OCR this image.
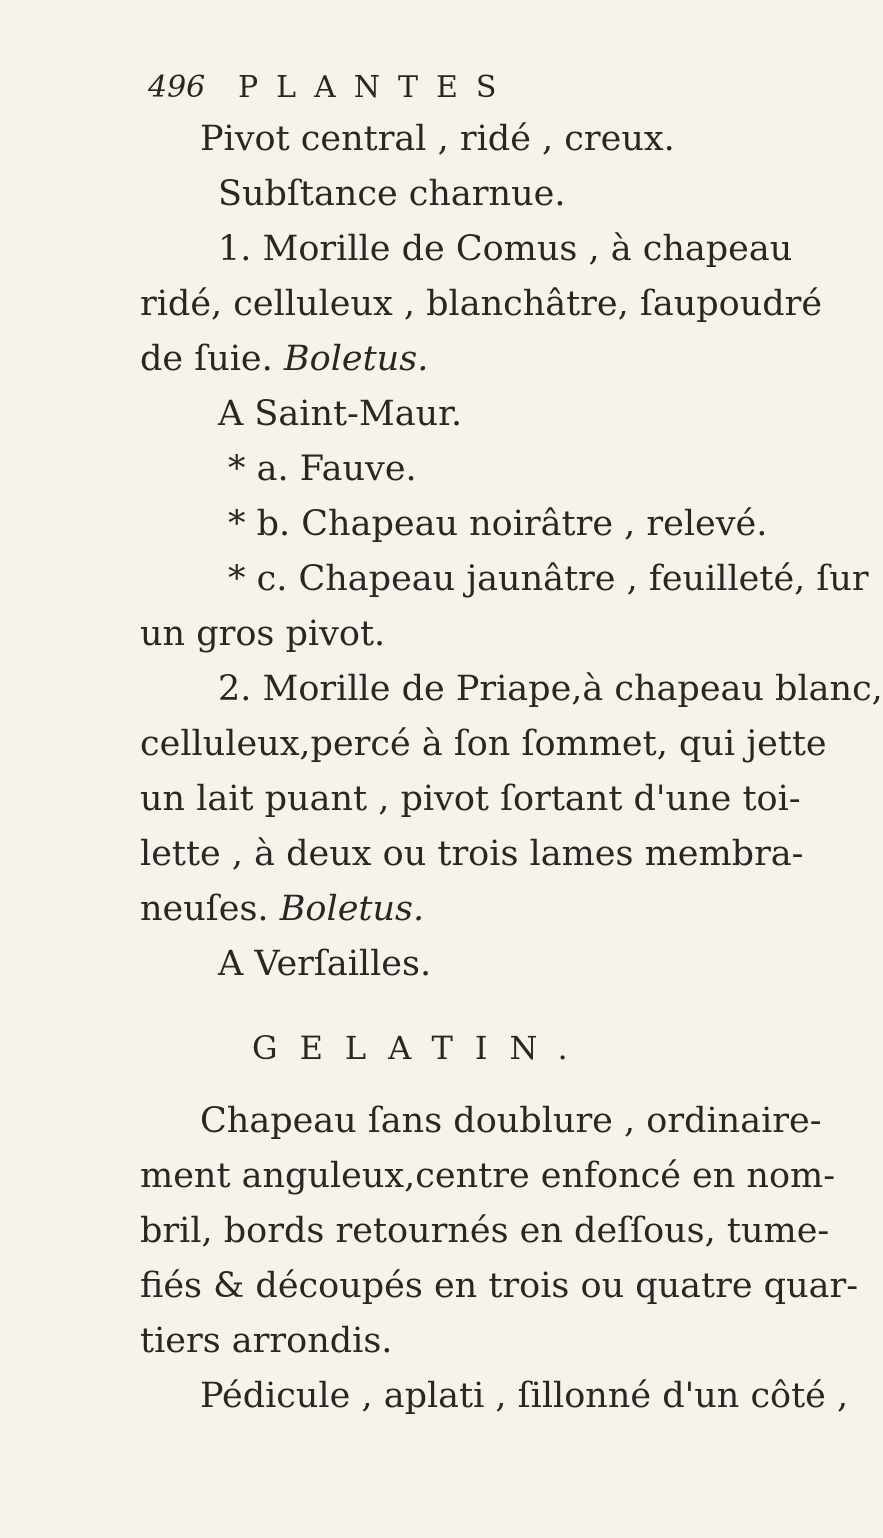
496	PLANTES
Pivot central , ridé , creux.
Subſtance charnue.
1. Morille de Comus , à chapeau
ridé, celluleux , blanchâtre, ſaupoudré
de ſuie. Boletus.
A Saint-Maur.
* a. Fauve.
* b. Chapeau noirâtre , relevé.
* c. Chapeau jaunâtre , feuilleté, ſur
un gros pivot.
2. Morille de Priape,à chapeau blanc,
celluleux,percé à ſon ſommet, qui jette
un lait puant , pivot ſortant d'une toi-
lette , à deux ou trois lames membra-
neuſes. Boletus.
A Verſailles.
GELATIN.
Chapeau ſans doublure , ordinaire-
ment anguleux,centre enfoncé en nom-
bril, bords retournés en deſſous, tume-
fiés & découpés en trois ou quatre quar-
tiers arrondis.
Pédicule , aplati , ſillonné d'un côté ,
